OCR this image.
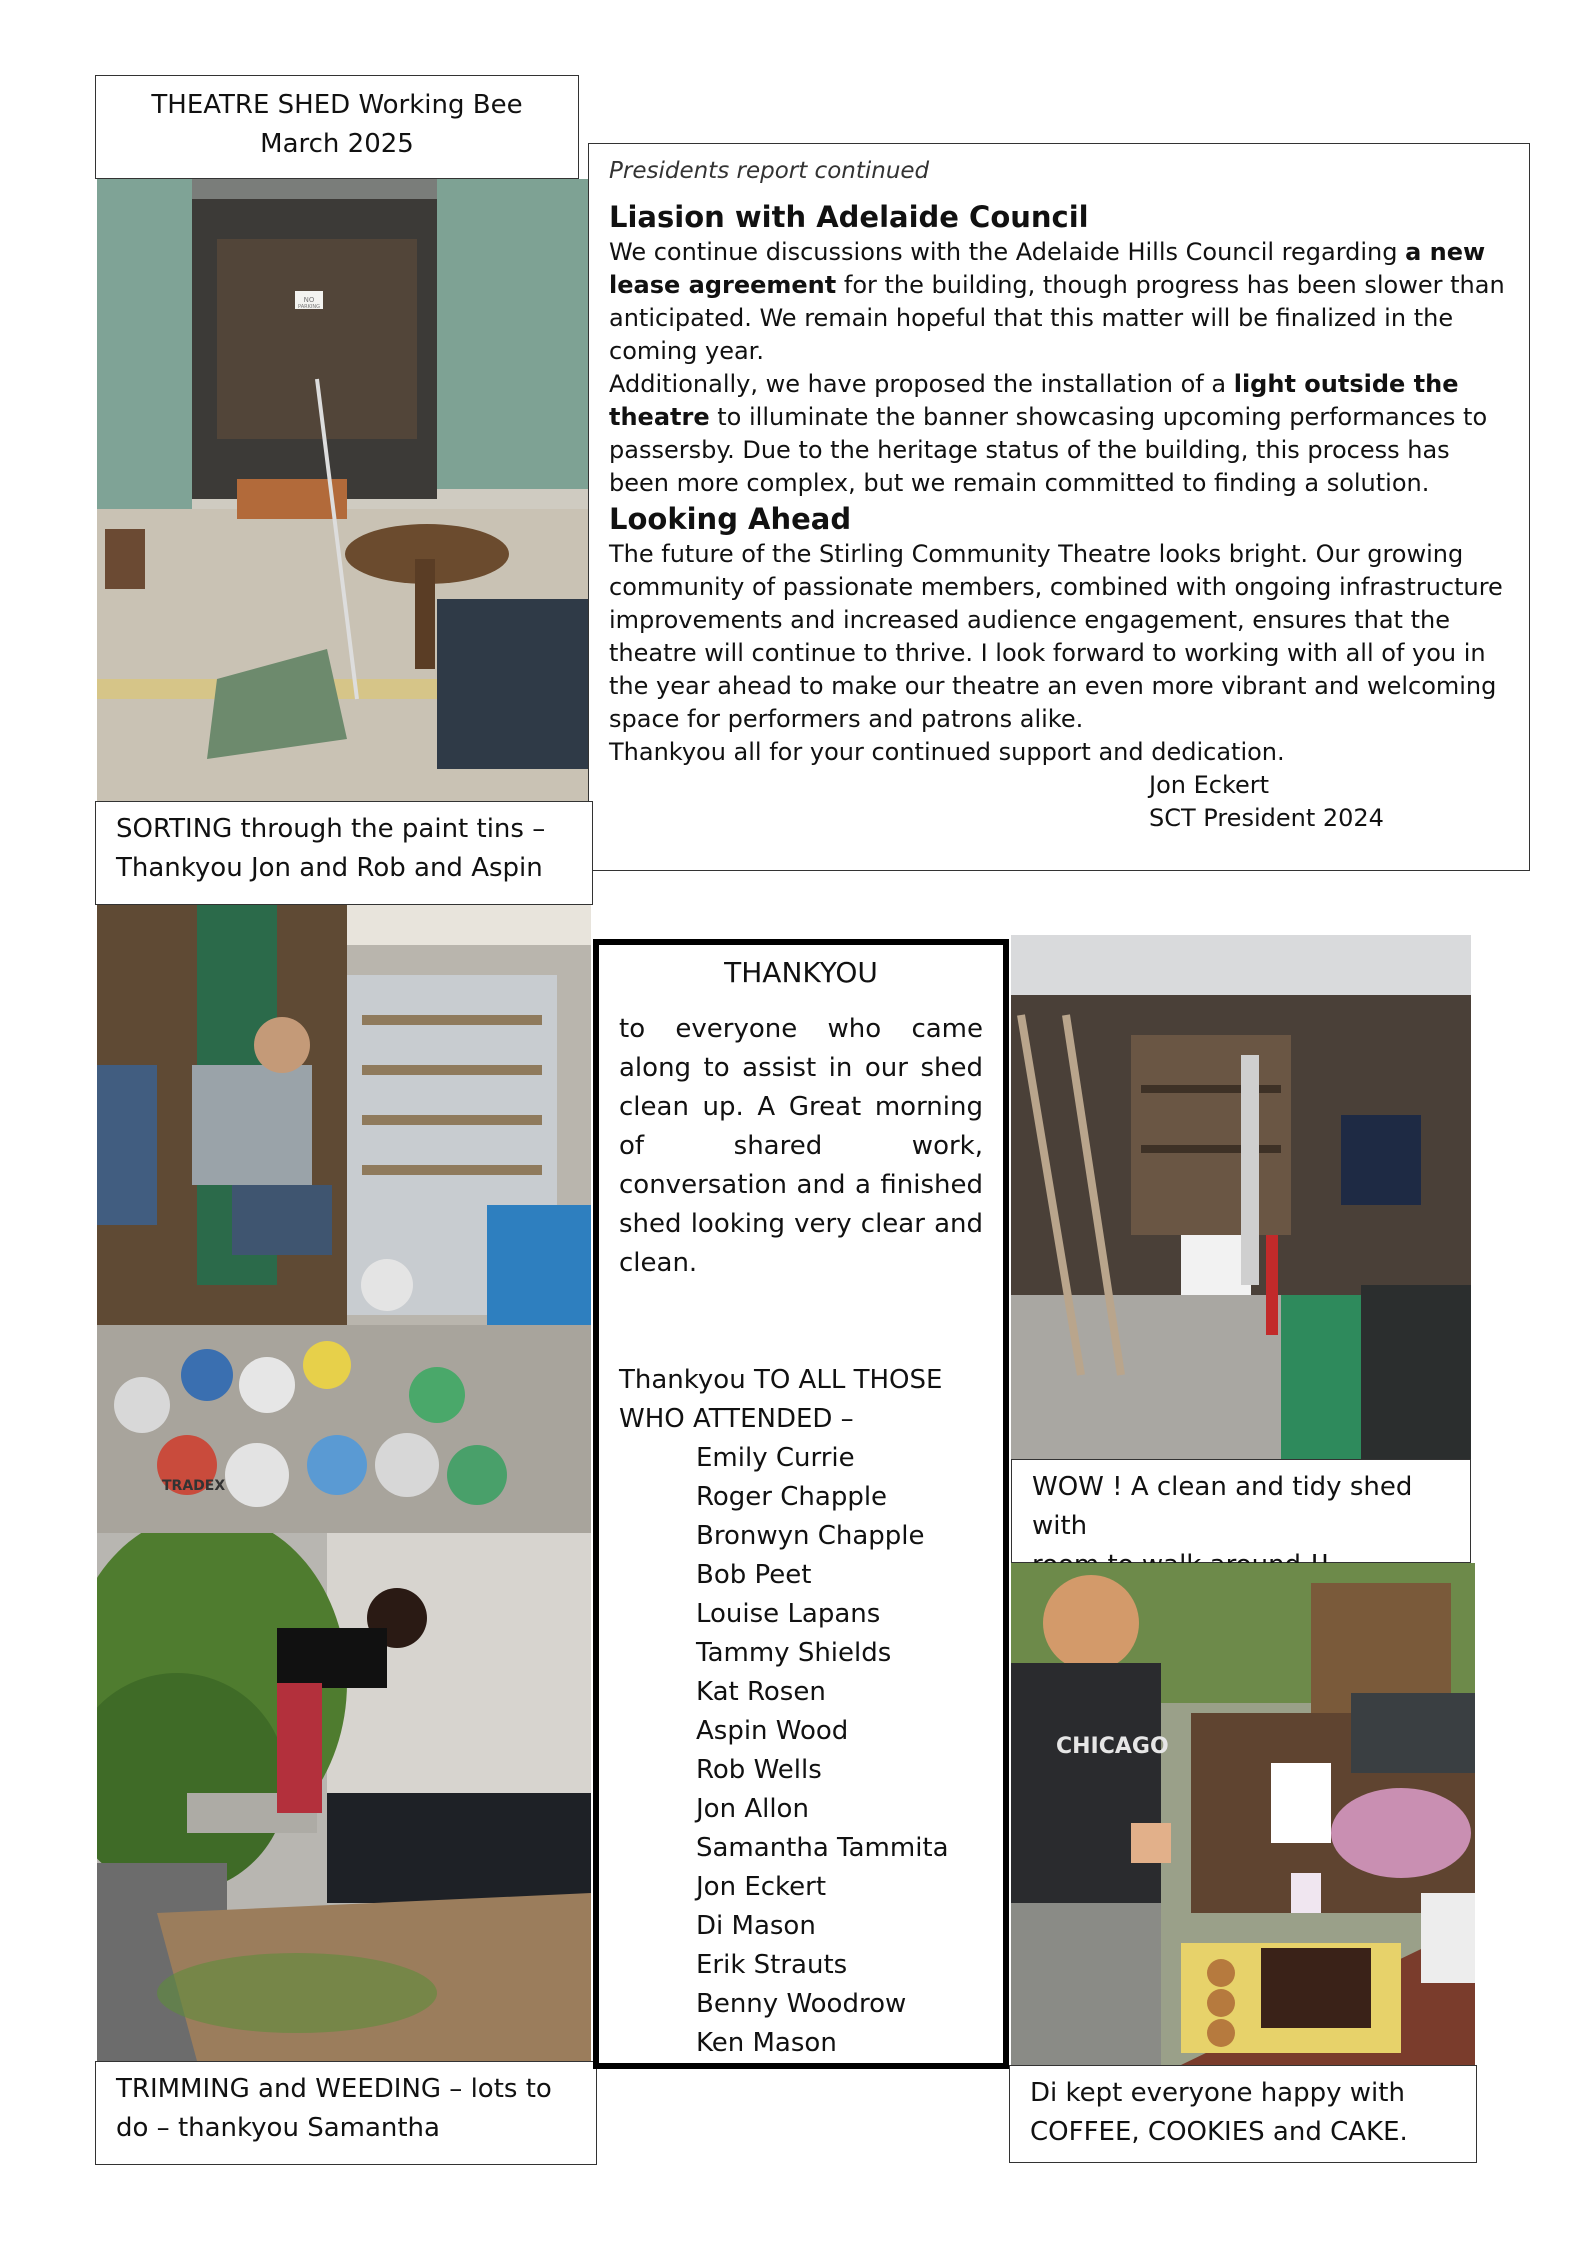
THEATRE SHED Working Bee
March 2025
NO
PARKING
Presidents report continued
Liasion with Adelaide Council

We continue discussions with the Adelaide Hills Council regarding a new lease agreement for the building, though progress has been slower than anticipated. We remain hopeful that this matter will be finalized in the coming year.

Additionally, we have proposed the installation of a light outside the theatre to illuminate the banner showcasing upcoming performances to passersby. Due to the heritage status of the building, this process has been more complex, but we remain committed to finding a solution.

Looking Ahead

The future of the Stirling Community Theatre looks bright. Our growing community of passionate members, combined with ongoing infrastructure improvements and increased audience engagement, ensures that the theatre will continue to thrive. I look forward to working with all of you in the year ahead to make our theatre an even more vibrant and welcoming space for performers and patrons alike.

Thankyou all for your continued support and dedication.

Jon Eckert

SCT President 2024

SORTING through the paint tins –
Thankyou Jon and Rob and Aspin
TRADEX
TRIMMING and WEEDING – lots to
do – thankyou Samantha
THANKYOU
to everyone who came along to assist in our shed clean up. A Great morning of shared work, conversation and a finished shed looking very clear and clean.
Thankyou TO ALL THOSE
WHO ATTENDED –
Emily Currie
Roger Chapple
Bronwyn Chapple
Bob Peet
Louise Lapans
Tammy Shields
Kat Rosen
Aspin Wood
Rob Wells
Jon Allon
Samantha Tammita
Jon Eckert
Di Mason
Erik Strauts
Benny Woodrow
Ken Mason
WOW ! A clean and tidy shed with
CHICAGO
Di kept everyone happy with
COFFEE, COOKIES and CAKE.
